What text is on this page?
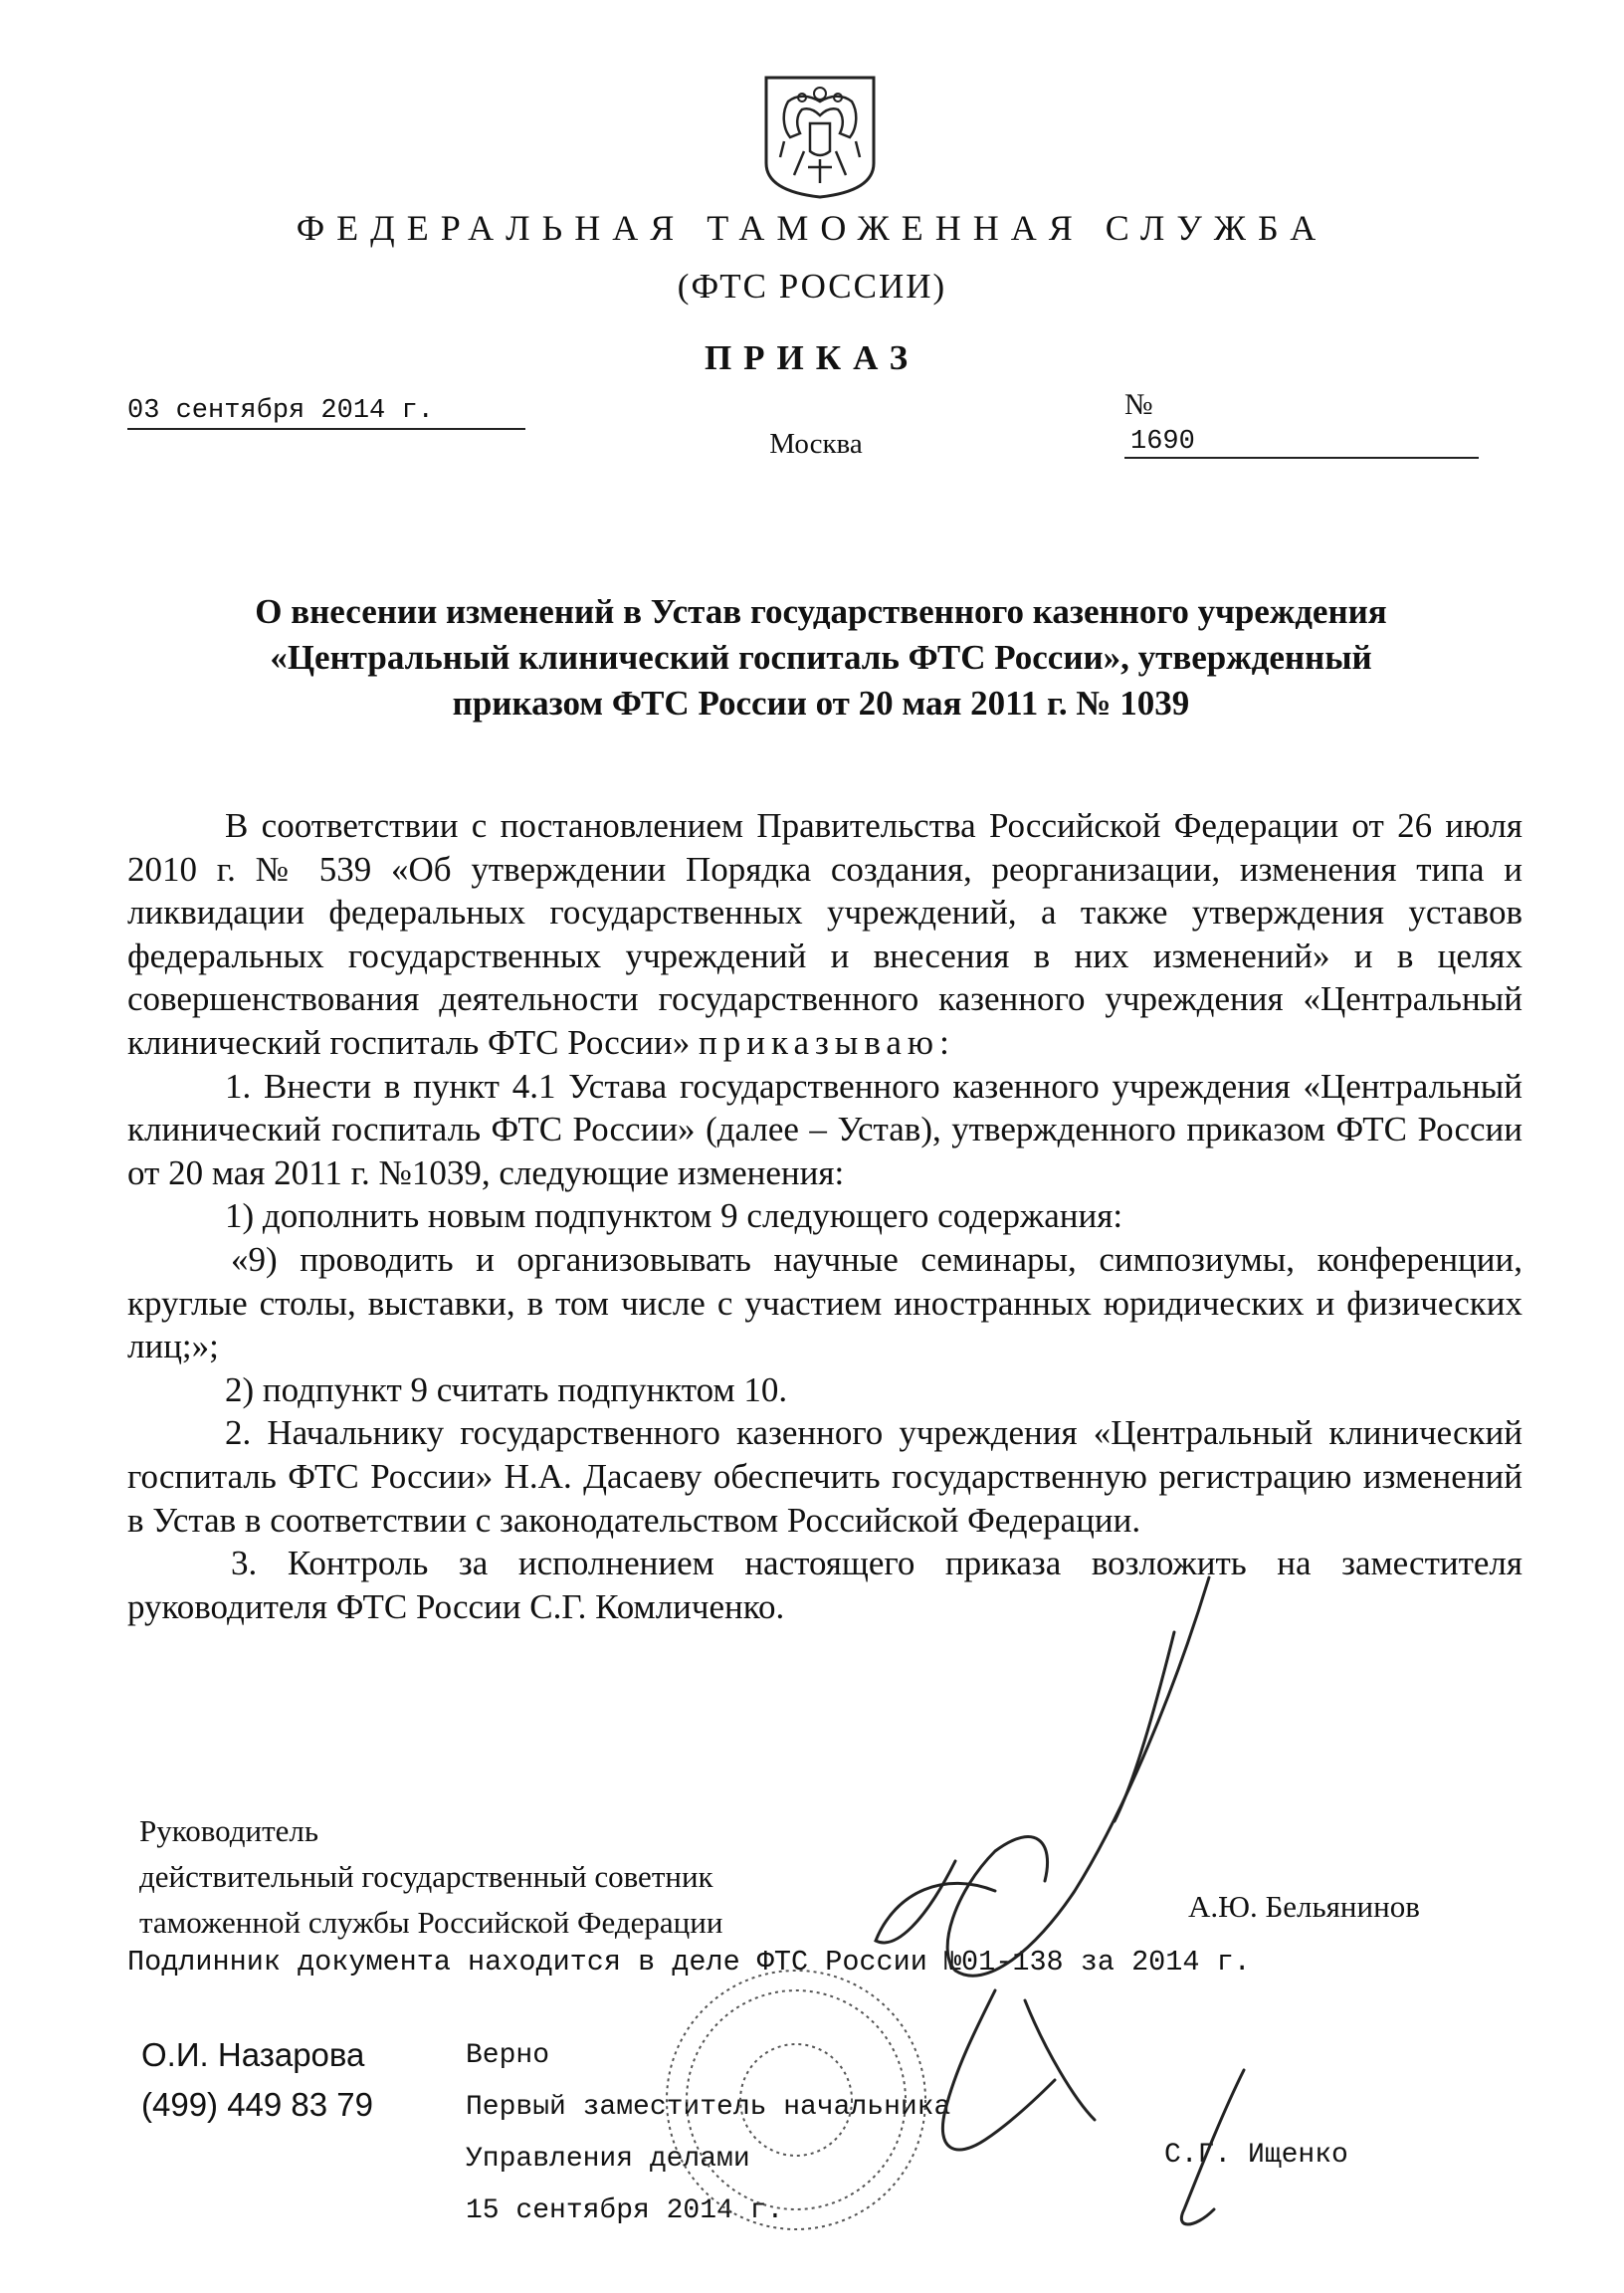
ФЕДЕРАЛЬНАЯ ТАМОЖЕННАЯ СЛУЖБА
(ФТС РОССИИ)
ПРИКАЗ
03 сентября 2014 г.	№ 1690
Москва
О внесении изменений в Устав государственного казенного учреждения
«Центральный клинический госпиталь ФТС России», утвержденный
приказом ФТС России от 20 мая 2011 г. № 1039

В соответствии с постановлением Правительства Российской Федерации от 26 июля 2010 г. № 539 «Об утверждении Порядка создания, реорганизации, изменения типа и ликвидации федеральных государственных учреждений, а также утверждения уставов федеральных государственных учреждений и внесения в них изменений» и в целях совершенствования деятельности государственного казенного учреждения «Центральный клинический госпиталь ФТС России» приказываю:

1. Внести в пункт 4.1 Устава государственного казенного учреждения «Центральный клинический госпиталь ФТС России» (далее – Устав), утвержденного приказом ФТС России от 20 мая 2011 г. №1039, следующие изменения:

1) дополнить новым подпунктом 9 следующего содержания:

«9) проводить и организовывать научные семинары, симпозиумы, конференции, круглые столы, выставки, в том числе с участием иностранных юридических и физических лиц;»;

2) подпункт 9 считать подпунктом 10.

2. Начальнику государственного казенного учреждения «Центральный клинический госпиталь ФТС России» Н.А. Дасаеву обеспечить государственную регистрацию изменений в Устав в соответствии с законодательством Российской Федерации.

3. Контроль за исполнением настоящего приказа возложить на заместителя руководителя ФТС России С.Г. Комличенко.

Руководитель
действительный государственный советник
таможенной службы Российской Федерации	А.Ю. Бельянинов
Подлинник документа находится в деле ФТС России №01-138 за 2014 г.
О.И. Назарова
(499) 449 83 79
Верно
Первый заместитель начальника
Управления делами
15 сентября 2014 г.
С.Г. Ищенко
